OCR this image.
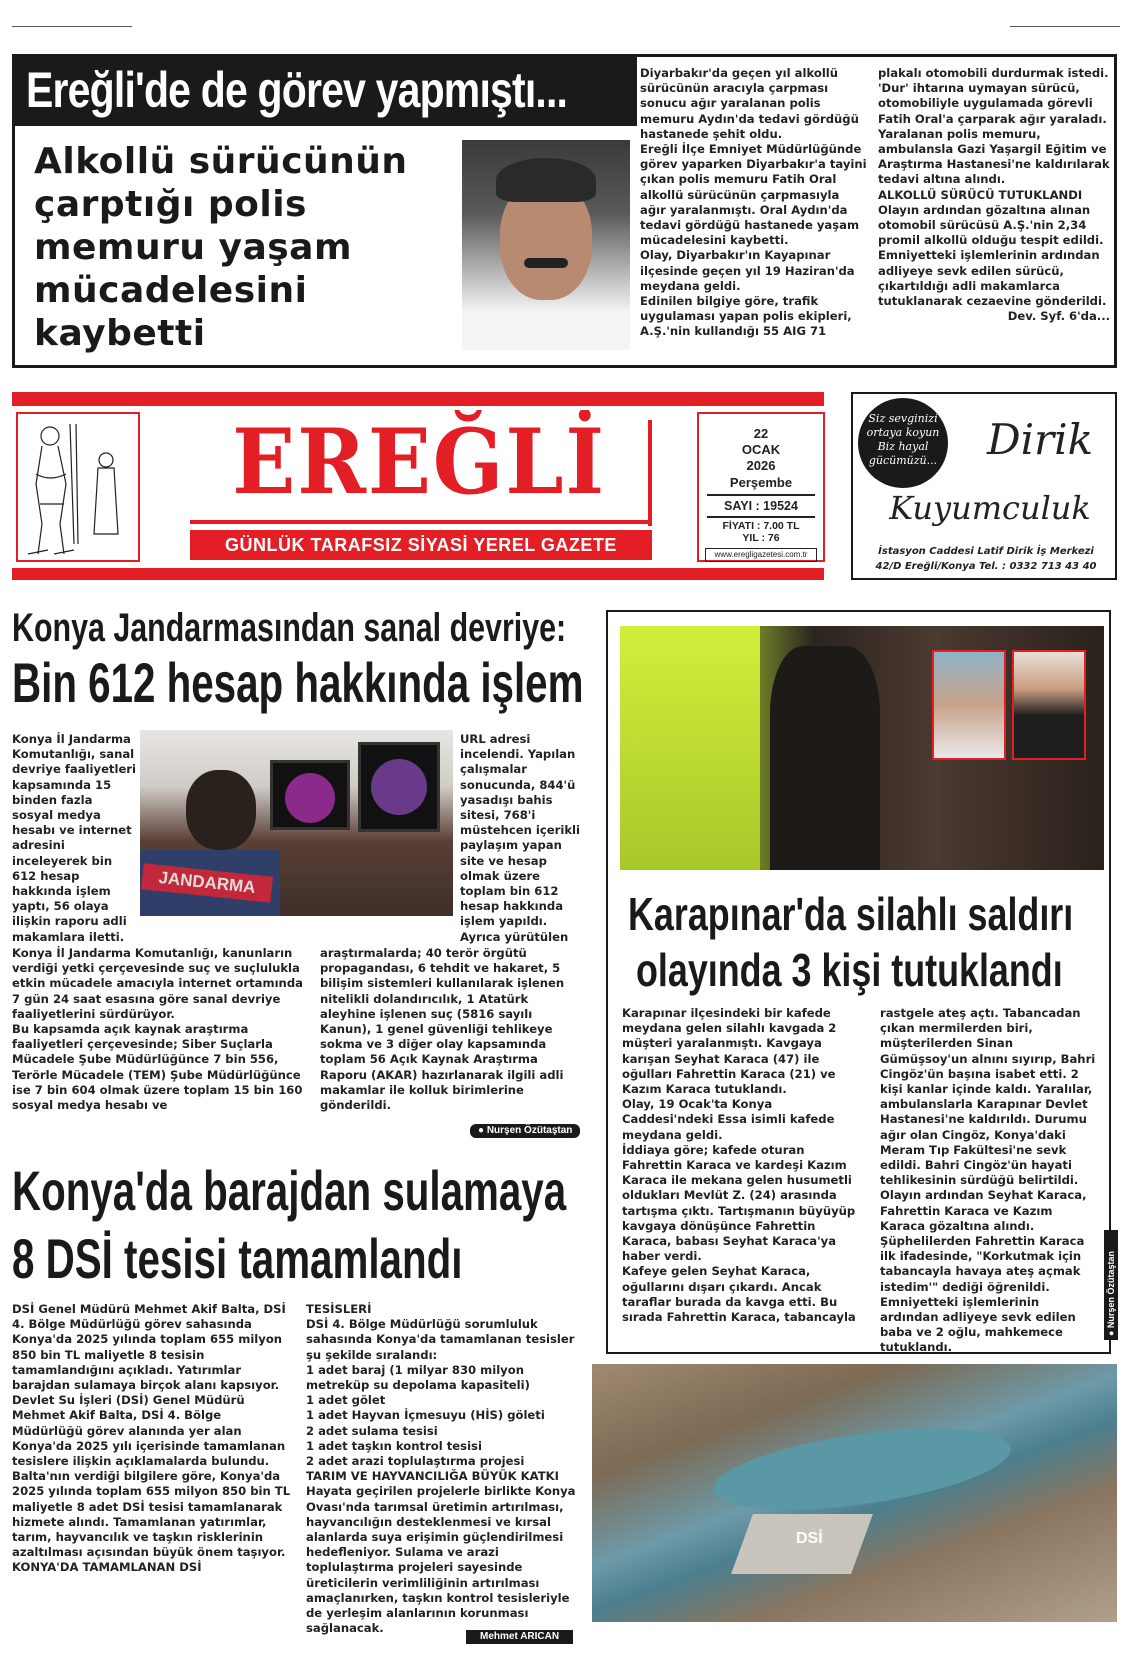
Ereğli'de de görev yapmıştı...
Alkollü sürücünün
çarptığı polis
memuru yaşam
mücadelesini
kaybetti

Diyarbakır'da geçen yıl alkollü sürücünün aracıyla çarpması sonucu ağır yaralanan polis memuru Aydın'da tedavi gördüğü hastanede şehit oldu.

Ereğli İlçe Emniyet Müdürlüğünde görev yaparken Diyarbakır'a tayini çıkan polis memuru Fatih Oral alkollü sürücünün çarpmasıyla ağır yaralanmıştı. Oral Aydın'da tedavi gördüğü hastanede yaşam mücadelesini kaybetti.

Olay, Diyarbakır'ın Kayapınar ilçesinde geçen yıl 19 Haziran'da meydana geldi.

Edinilen bilgiye göre, trafik uygulaması yapan polis ekipleri, A.Ş.'nin kullandığı 55 AIG 71

plakalı otomobili durdurmak istedi. 'Dur' ihtarına uymayan sürücü, otomobiliyle uygulamada görevli Fatih Oral'a çarparak ağır yaraladı. Yaralanan polis memuru, ambulansla Gazi Yaşargil Eğitim ve Araştırma Hastanesi'ne kaldırılarak tedavi altına alındı.

ALKOLLÜ SÜRÜCÜ TUTUKLANDI

Olayın ardından gözaltına alınan otomobil sürücüsü A.Ş.'nin 2,34 promil alkollü olduğu tespit edildi. Emniyetteki işlemlerinin ardından adliyeye sevk edilen sürücü, çıkartıldığı adli makamlarca tutuklanarak cezaevine gönderildi.

Dev. Syf. 6'da...

EREĞLİ
GÜNLÜK TARAFSIZ SİYASİ YEREL GAZETE
22
OCAK
2026
Perşembe
SAYI : 19524
FİYATI : 7.00 TL
YIL : 76
www.eregligazetesi.com.tr
Siz sevginizi
ortaya koyun
Biz hayal
gücümüzü...	Dirik
Kuyumculuk
İstasyon Caddesi Latif Dirik İş Merkezi
42/D Ereğli/Konya Tel. : 0332 713 43 40
Konya Jandarmasından sanal devriye:
Bin 612 hesap hakkında işlem
JANDARMA
Konya İl Jandarma Komutanlığı, sanal devriye faaliyetleri kapsamında 15 binden fazla sosyal medya hesabı ve internet adresini inceleyerek bin 612 hesap hakkında işlem yaptı, 56 olaya ilişkin raporu adli makamlara iletti.
URL adresi incelendi. Yapılan çalışmalar sonucunda, 844'ü yasadışı bahis sitesi, 768'i müstehcen içerikli paylaşım yapan site ve hesap olmak üzere toplam bin 612 hesap hakkında işlem yapıldı. Ayrıca yürütülen

Konya İl Jandarma Komutanlığı, kanunların verdiği yetki çerçevesinde suç ve suçlulukla etkin mücadele amacıyla internet ortamında 7 gün 24 saat esasına göre sanal devriye faaliyetlerini sürdürüyor.

Bu kapsamda açık kaynak araştırma faaliyetleri çerçevesinde; Siber Suçlarla Mücadele Şube Müdürlüğünce 7 bin 556, Terörle Mücadele (TEM) Şube Müdürlüğünce ise 7 bin 604 olmak üzere toplam 15 bin 160 sosyal medya hesabı ve

araştırmalarda; 40 terör örgütü propagandası, 6 tehdit ve hakaret, 5 bilişim sistemleri kullanılarak işlenen nitelikli dolandırıcılık, 1 Atatürk aleyhine işlenen suç (5816 sayılı Kanun), 1 genel güvenliği tehlikeye sokma ve 3 diğer olay kapsamında toplam 56 Açık Kaynak Araştırma Raporu (AKAR) hazırlanarak ilgili adli makamlar ile kolluk birimlerine gönderildi.
● Nurşen Özütaştan
Konya'da barajdan sulamaya
8 DSİ tesisi tamamlandı

DSİ Genel Müdürü Mehmet Akif Balta, DSİ 4. Bölge Müdürlüğü görev sahasında Konya'da 2025 yılında toplam 655 milyon 850 bin TL maliyetle 8 tesisin tamamlandığını açıkladı. Yatırımlar barajdan sulamaya birçok alanı kapsıyor.

Devlet Su İşleri (DSİ) Genel Müdürü Mehmet Akif Balta, DSİ 4. Bölge Müdürlüğü görev alanında yer alan Konya'da 2025 yılı içerisinde tamamlanan tesislere ilişkin açıklamalarda bulundu.

Balta'nın verdiği bilgilere göre, Konya'da 2025 yılında toplam 655 milyon 850 bin TL maliyetle 8 adet DSİ tesisi tamamlanarak hizmete alındı. Tamamlanan yatırımlar, tarım, hayvancılık ve taşkın risklerinin azaltılması açısından büyük önem taşıyor.

KONYA'DA TAMAMLANAN DSİ

TESİSLERİ

DSİ 4. Bölge Müdürlüğü sorumluluk sahasında Konya'da tamamlanan tesisler şu şekilde sıralandı:

1 adet baraj (1 milyar 830 milyon metreküp su depolama kapasiteli)

1 adet gölet

1 adet Hayvan İçmesuyu (HİS) göleti

2 adet sulama tesisi

1 adet taşkın kontrol tesisi

2 adet arazi toplulaştırma projesi

TARIM VE HAYVANCILIĞA BÜYÜK KATKI

Hayata geçirilen projelerle birlikte Konya Ovası'nda tarımsal üretimin artırılması, hayvancılığın desteklenmesi ve kırsal alanlarda suya erişimin güçlendirilmesi hedefleniyor. Sulama ve arazi toplulaştırma projeleri sayesinde üreticilerin verimliliğinin artırılması amaçlanırken, taşkın kontrol tesisleriyle de yerleşim alanlarının korunması sağlanacak.

Mehmet ARICAN
DSİ
Karapınar'da silahlı saldırı
olayında 3 kişi tutuklandı

Karapınar ilçesindeki bir kafede meydana gelen silahlı kavgada 2 müşteri yaralanmıştı. Kavgaya karışan Seyhat Karaca (47) ile oğulları Fahrettin Karaca (21) ve Kazım Karaca tutuklandı.

Olay, 19 Ocak'ta Konya Caddesi'ndeki Essa isimli kafede meydana geldi.

İddiaya göre; kafede oturan Fahrettin Karaca ve kardeşi Kazım Karaca ile mekana gelen husumetli oldukları Mevlüt Z. (24) arasında tartışma çıktı. Tartışmanın büyüyüp kavgaya dönüşünce Fahrettin Karaca, babası Seyhat Karaca'ya haber verdi.

Kafeye gelen Seyhat Karaca, oğullarını dışarı çıkardı. Ancak taraflar burada da kavga etti. Bu sırada Fahrettin Karaca, tabancayla

rastgele ateş açtı. Tabancadan çıkan mermilerden biri, müşterilerden Sinan Gümüşsoy'un alnını sıyırıp, Bahri Cingöz'ün başına isabet etti. 2 kişi kanlar içinde kaldı. Yaralılar, ambulanslarla Karapınar Devlet Hastanesi'ne kaldırıldı. Durumu ağır olan Cingöz, Konya'daki Meram Tıp Fakültesi'ne sevk edildi. Bahri Cingöz'ün hayati tehlikesinin sürdüğü belirtildi.

Olayın ardından Seyhat Karaca, Fahrettin Karaca ve Kazım Karaca gözaltına alındı. Şüphelilerden Fahrettin Karaca ilk ifadesinde, "Korkutmak için tabancayla havaya ateş açmak istedim'" dediği öğrenildi. Emniyetteki işlemlerinin ardından adliyeye sevk edilen baba ve 2 oğlu, mahkemece tutuklandı.

● Nurşen Özütaştan
